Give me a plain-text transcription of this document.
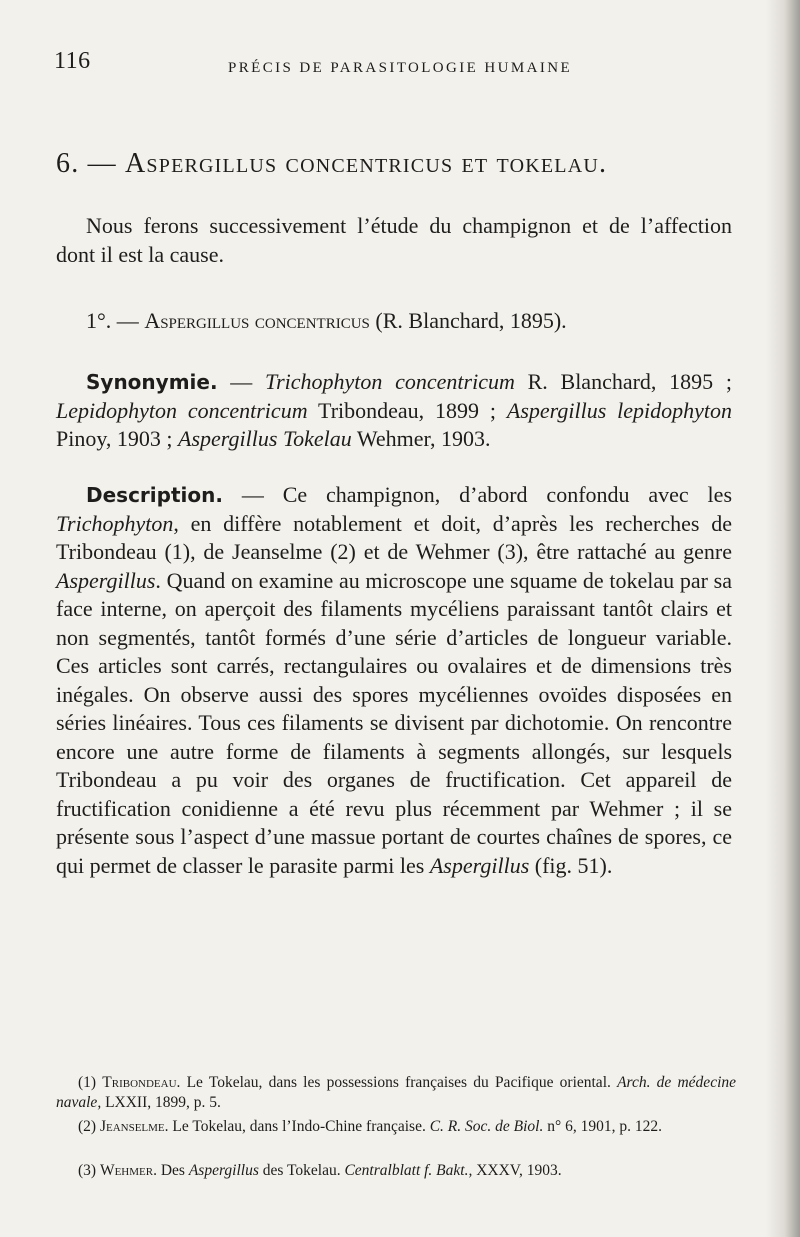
116	PRÉCIS DE PARASITOLOGIE HUMAINE
6. — Aspergillus concentricus et tokelau.

Nous ferons successivement l’étude du champignon et de l’affection dont il est la cause.

1°. — Aspergillus concentricus (R. Blanchard, 1895).

Synonymie. — Trichophyton concentricum R. Blanchard, 1895 ; Lepidophyton concentricum Tribondeau, 1899 ; Aspergillus lepidophyton Pinoy, 1903 ; Aspergillus Tokelau Wehmer, 1903.

Description. — Ce champignon, d’abord confondu avec les Trichophyton, en diffère notablement et doit, d’après les recherches de Tribondeau (1), de Jeanselme (2) et de Wehmer (3), être rattaché au genre Aspergillus. Quand on examine au microscope une squame de tokelau par sa face interne, on aperçoit des filaments mycéliens paraissant tantôt clairs et non segmentés, tantôt formés d’une série d’articles de longueur variable. Ces articles sont carrés, rectangulaires ou ovalaires et de dimensions très inégales. On observe aussi des spores mycéliennes ovoïdes disposées en séries linéaires. Tous ces filaments se divisent par dichotomie. On rencontre encore une autre forme de filaments à segments allongés, sur lesquels Tribondeau a pu voir des organes de fructification. Cet appareil de fructification conidienne a été revu plus récemment par Wehmer ; il se présente sous l’aspect d’une massue portant de courtes chaînes de spores, ce qui permet de classer le parasite parmi les Aspergillus (fig. 51).

(1) Tribondeau. Le Tokelau, dans les possessions françaises du Pacifique oriental. Arch. de médecine navale, LXXII, 1899, p. 5.

(2) Jeanselme. Le Tokelau, dans l’Indo-Chine française. C. R. Soc. de Biol. n° 6, 1901, p. 122.

(3) Wehmer. Des Aspergillus des Tokelau. Centralblatt f. Bakt., XXXV, 1903.
